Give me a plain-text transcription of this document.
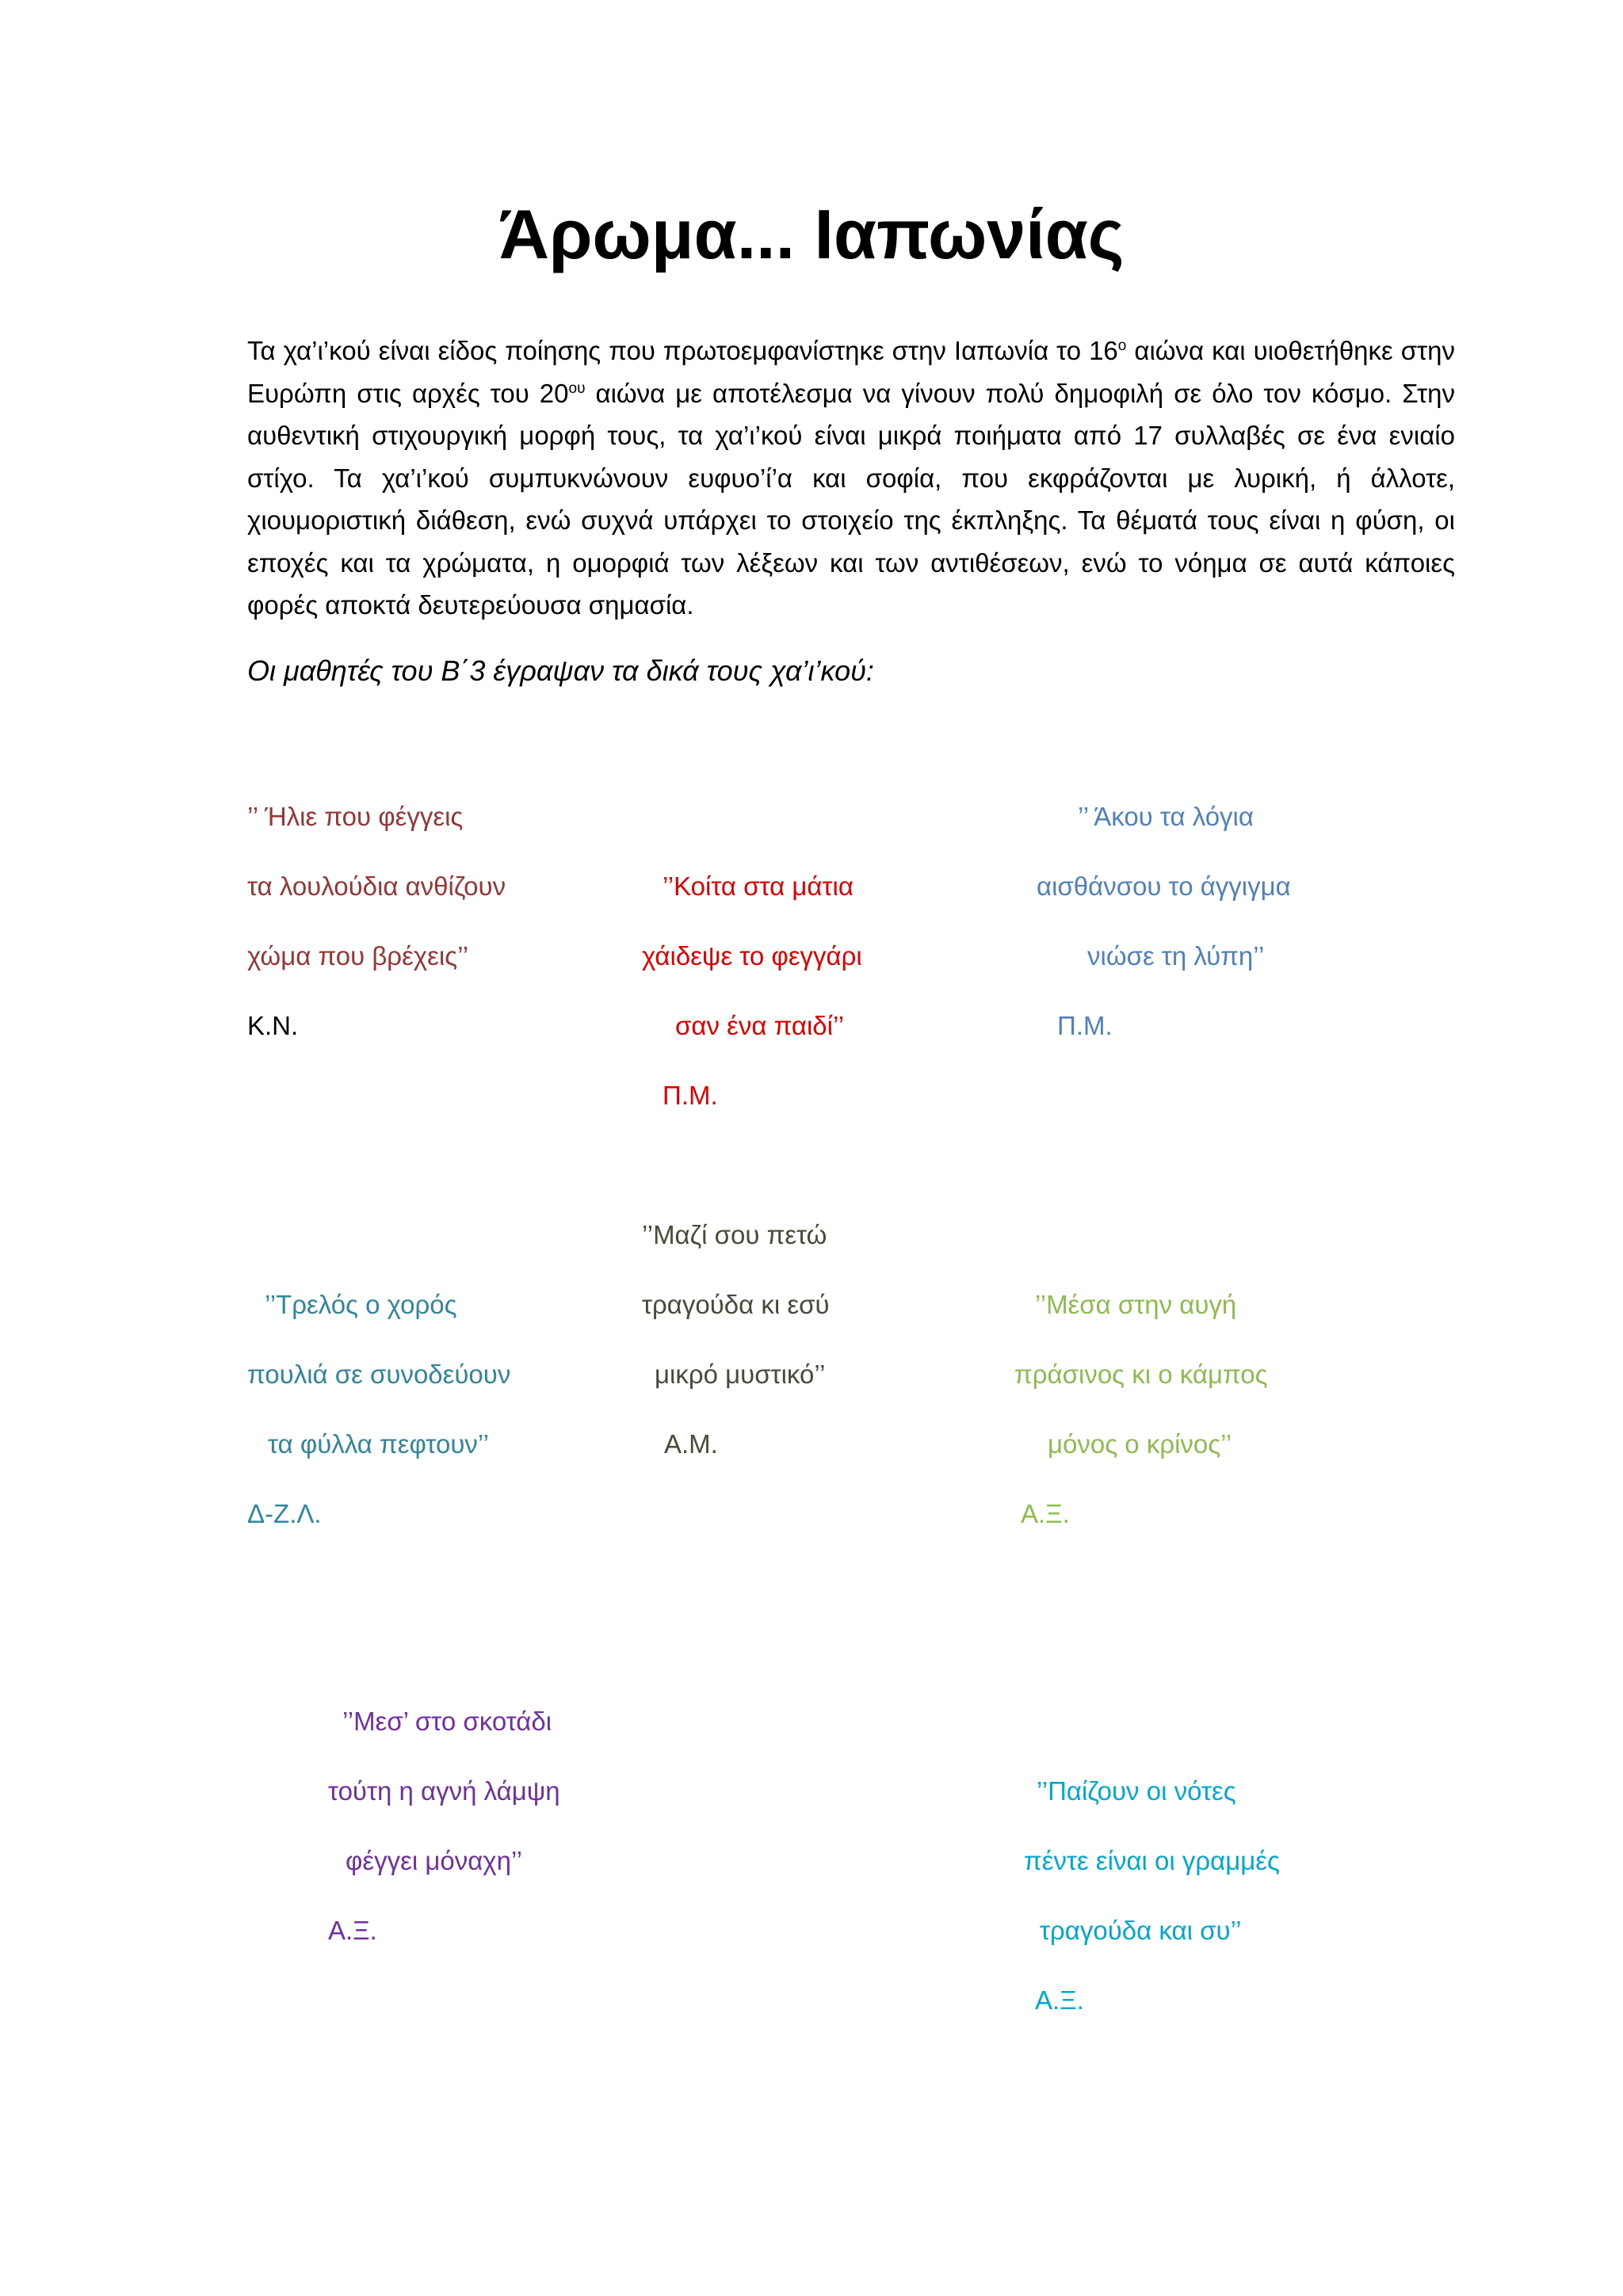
Άρωμα... Ιαπωνίας

Τα χα’ι’κού είναι είδος ποίησης που πρωτοεμφανίστηκε στην Ιαπωνία το $16^o$ αιώνα και υιοθετήθηκε στην Ευρώπη στις αρχές του $20^{o\upsilon}$ αιώνα με αποτέλεσμα να γίνουν πολύ δημοφιλή σε όλο τον κόσμο. Στην αυθεντική στιχουργική μορφή τους, τα χα’ι’κού είναι μικρά ποιήματα από 17 συλλαβές σε ένα ενιαίο στίχο. Τα χα’ι’κού συμπυκνώνουν ευφυο’ί’α και σοφία, που εκφράζονται με λυρική, ή άλλοτε, χιουμοριστική διάθεση, ενώ συχνά υπάρχει το στοιχείο της έκπληξης. Τα θέματά τους είναι η φύση, οι εποχές και τα χρώματα, η ομορφιά των λέξεων και των αντιθέσεων, ενώ το νόημα σε αυτά κάποιες φορές αποκτά δευτερεύουσα σημασία.

Οι μαθητές του Β΄3 έγραψαν τα δικά τους χα’ι’κού:
’’ Ήλιε που φέγγεις
τα λουλούδια ανθίζουν
χώμα που βρέχεις’’
Κ.Ν.
’’Κοίτα στα μάτια
χάιδεψε το φεγγάρι
σαν ένα παιδί’’
Π.Μ.
’’ Άκου τα λόγια
αισθάνσου το άγγιγμα
νιώσε τη λύπη’’
Π.Μ.
’’Τρελός ο χορός
πουλιά σε συνοδεύουν
τα φύλλα πεφτουν’’
Δ-Ζ.Λ.
’’Μαζί σου πετώ
τραγούδα κι εσύ
μικρό μυστικό’’
Α.Μ.
’’Μέσα στην αυγή
πράσινος κι ο κάμπος
μόνος ο κρίνος’’
Α.Ξ.
’’Μεσ’ στο σκοτάδι
τούτη η αγνή λάμψη
φέγγει μόναχη’’
Α.Ξ.
’’Παίζουν οι νότες
πέντε είναι οι γραμμές
τραγούδα και συ’’
Α.Ξ.
